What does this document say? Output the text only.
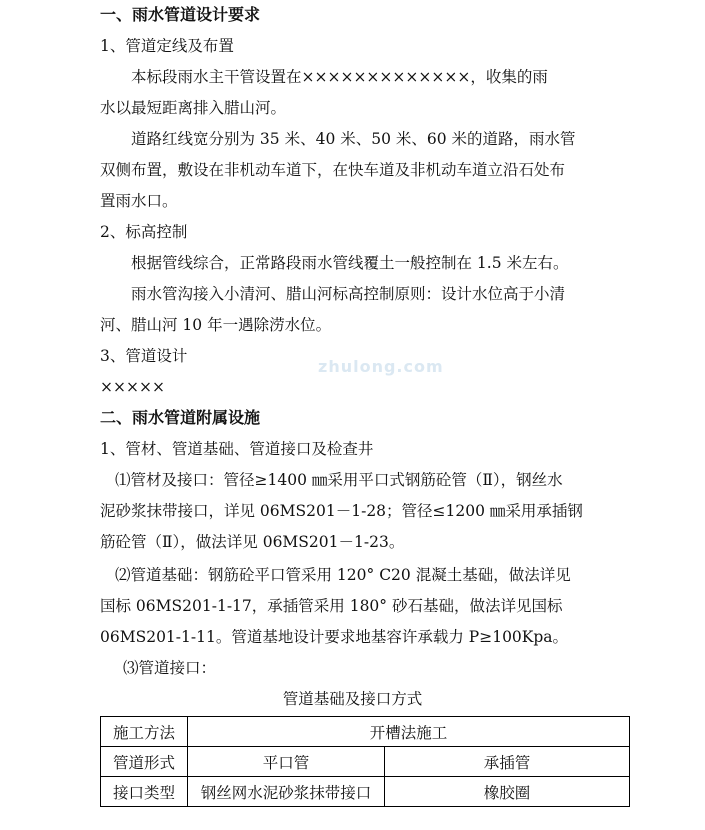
一、雨水管道设计要求
1、管道定线及布置
本标段雨水主干管设置在×××××××××××××，收集的雨
水以最短距离排入腊山河。
道路红线宽分别为 35 米、40 米、50 米、60 米的道路，雨水管
双侧布置，敷设在非机动车道下，在快车道及非机动车道立沿石处布
置雨水口。
2、标高控制
根据管线综合，正常路段雨水管线覆土一般控制在 1.5 米左右。
雨水管沟接入小清河、腊山河标高控制原则：设计水位高于小清
河、腊山河 10 年一遇除涝水位。
3、管道设计
×××××
二、雨水管道附属设施
1、管材、管道基础、管道接口及检查井
⑴管材及接口：管径≥1400 ㎜采用平口式钢筋砼管（Ⅱ），钢丝水
泥砂浆抹带接口，详见 06MS201－1-28；管径≤1200 ㎜采用承插钢
筋砼管（Ⅱ），做法详见 06MS201－1-23。
⑵管道基础：钢筋砼平口管采用 120° C20 混凝土基础，做法详见
国标 06MS201-1-17，承插管采用 180° 砂石基础，做法详见国标
06MS201-1-11。管道基地设计要求地基容许承载力 P≥100Kpa。
⑶管道接口：
zhulong.com
管道基础及接口方式
施工方法	开槽法施工	
管道形式	平口管	承插管
接口类型	钢丝网水泥砂浆抹带接口	橡胶圈
